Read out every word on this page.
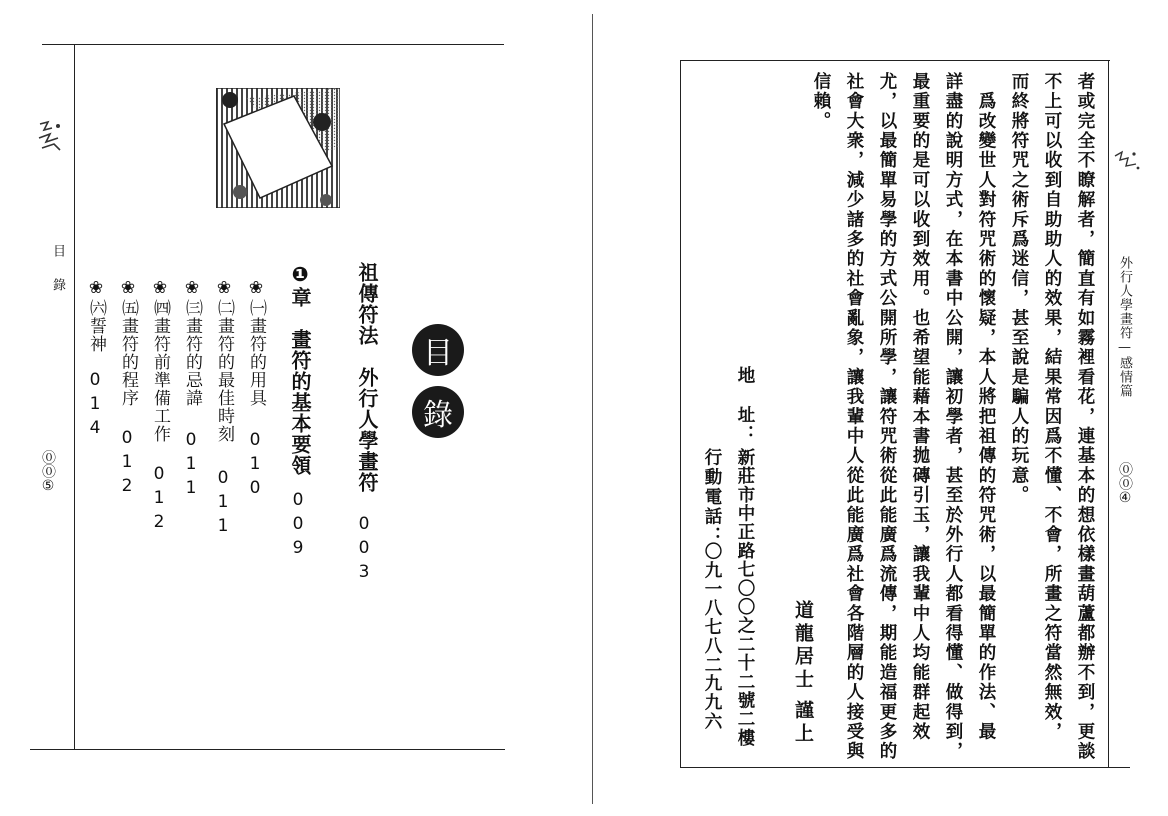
目
錄
⓪⓪⑤
目
錄
祖傳符法　外行人學畫符
003
❶章　畫符的基本要領
009
❀㈠畫符的用具
010
❀㈡畫符的最佳時刻
011
❀㈢畫符的忌諱
011
❀㈣畫符前準備工作
012
❀㈤畫符的程序
012
❀㈥誓神
014
外行人學畫符—感情篇
⓪⓪④
者或完全不瞭解者，簡直有如霧裡看花，連基本的想依樣畫葫蘆都辦不到，更談
不上可以收到自助助人的效果，結果常因爲不懂、不會，所畫之符當然無效，
而終將符咒之術斥爲迷信，甚至說是騙人的玩意。
　爲改變世人對符咒術的懷疑，本人將把祖傳的符咒術，以最簡單的作法、最
詳盡的說明方式，在本書中公開，讓初學者，甚至於外行人都看得懂、做得到，
最重要的是可以收到效用。也希望能藉本書拋磚引玉，讓我輩中人均能群起效
尤，以最簡單易學的方式公開所學，讓符咒術從此能廣爲流傳，期能造福更多的
社會大衆，減少諸多的社會亂象，讓我輩中人從此能廣爲社會各階層的人接受與
信賴。
道龍居士
謹上
地　址：
新莊市中正路七〇〇之二十二號二樓
行動電話：
〇九一八七八二九九六
